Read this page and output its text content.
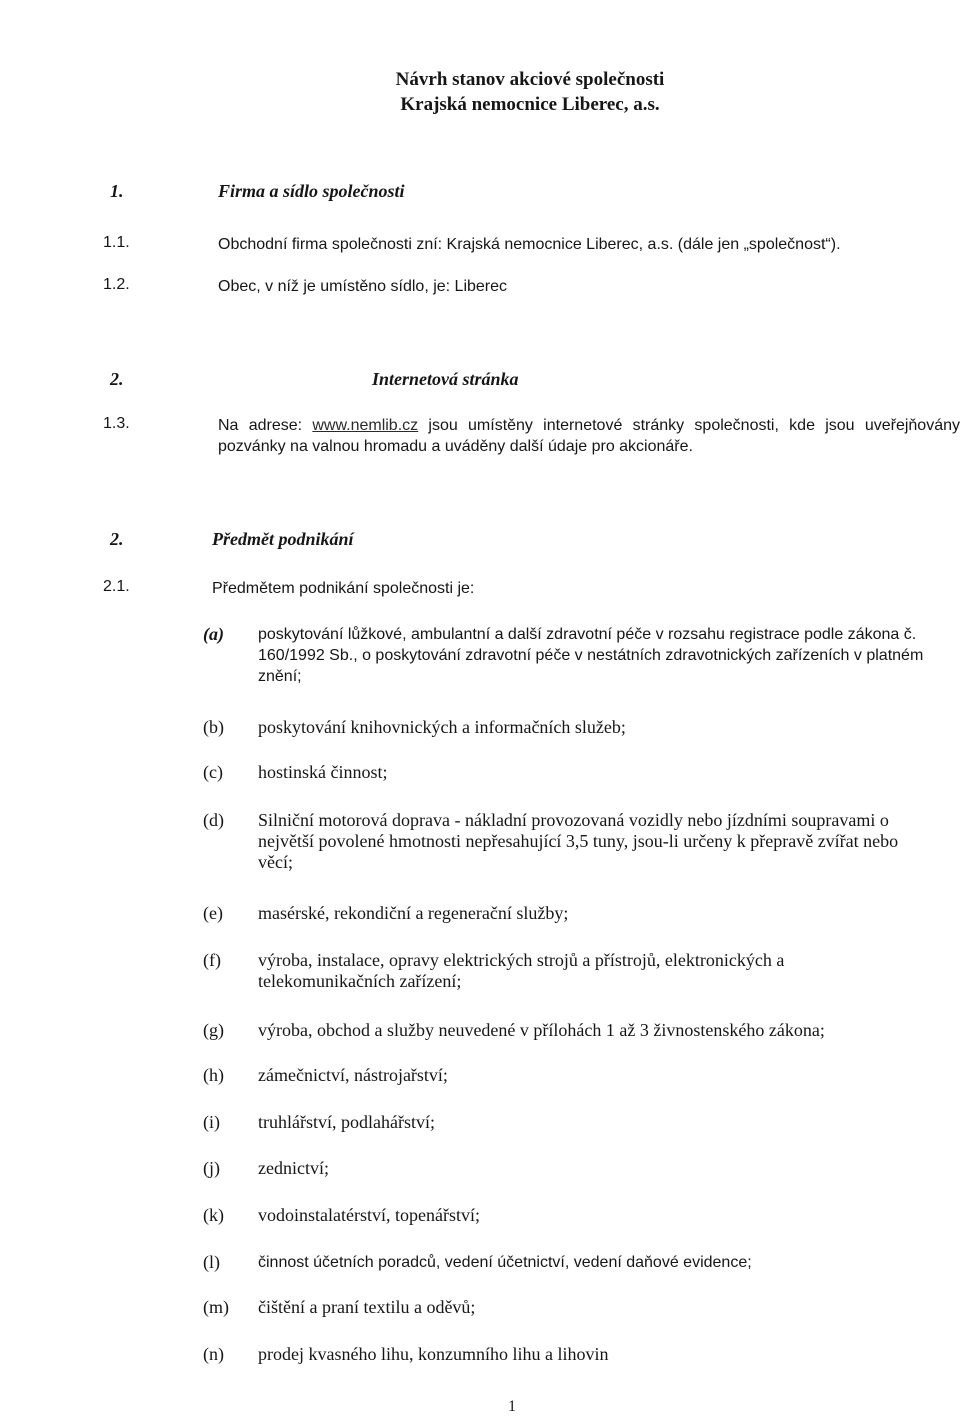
Návrh stanov akciové společnosti
Krajská nemocnice Liberec, a.s.
1.	Firma a sídlo společnosti
1.1.	Obchodní firma společnosti zní: Krajská nemocnice Liberec, a.s. (dále jen „společnost“).
1.2.	Obec, v níž je umístěno sídlo, je: Liberec
2.	Internetová stránka
1.3.	Na adrese: www.nemlib.cz jsou umístěny internetové stránky společnosti, kde jsou uveřejňovány pozvánky na valnou hromadu a uváděny další údaje pro akcionáře.
2.	Předmět podnikání
2.1.	Předmětem podnikání společnosti je:
(a) poskytování lůžkové, ambulantní a další zdravotní péče v rozsahu registrace podle zákona č. 160/1992 Sb., o poskytování zdravotní péče v nestátních zdravotnických zařízeních v platném znění;
(b) poskytování knihovnických a informačních služeb;
(c) hostinská činnost;
(d) Silniční motorová doprava - nákladní provozovaná vozidly nebo jízdními soupravami o největší povolené hmotnosti nepřesahující 3,5 tuny, jsou-li určeny k přepravě zvířat nebo věcí;
(e) masérské, rekondiční a regenerační služby;
(f) výroba, instalace, opravy elektrických strojů a přístrojů, elektronických a telekomunikačních zařízení;
(g) výroba, obchod a služby neuvedené v přílohách 1 až 3 živnostenského zákona;
(h) zámečnictví, nástrojařství;
(i) truhlářství, podlahářství;
(j) zednictví;
(k) vodoinstalatérství, topenářství;
(l) činnost účetních poradců, vedení účetnictví, vedení daňové evidence;
(m) čištění a praní textilu a oděvů;
(n) prodej kvasného lihu, konzumního lihu a lihovin
1
